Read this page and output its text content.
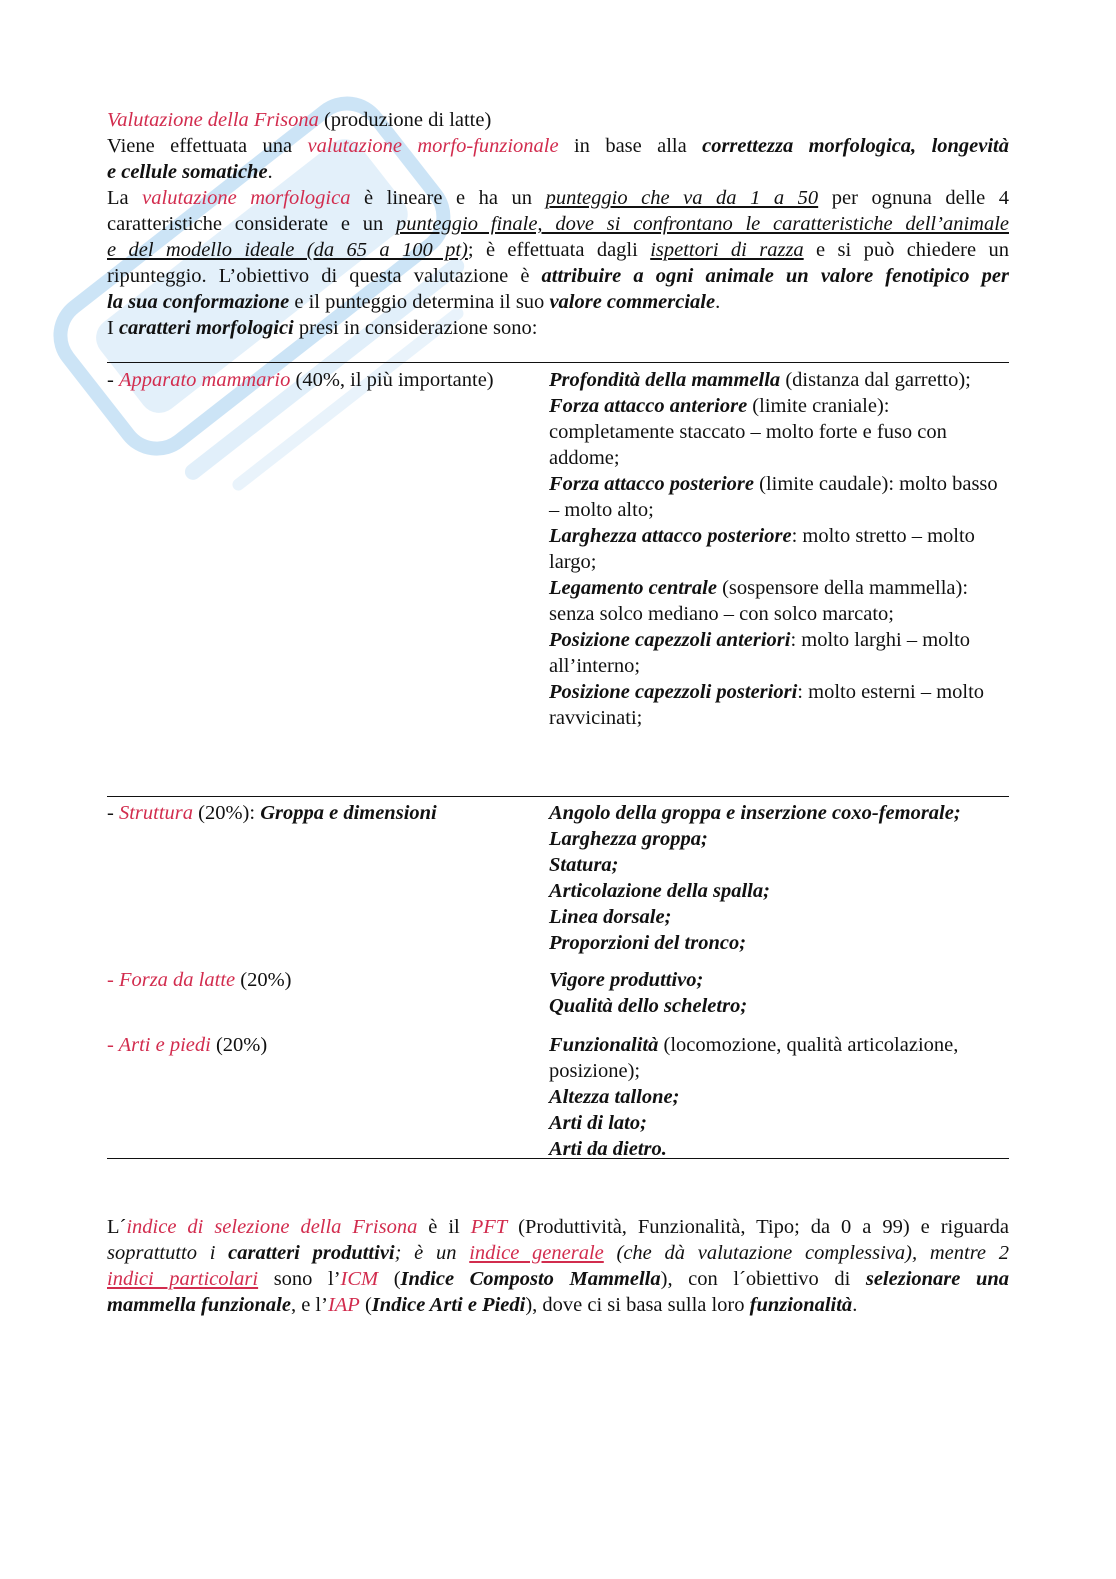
Valutazione della Frisona (produzione di latte)
Viene effettuata una valutazione morfo-funzionale in base alla correttezza morfologica, longevità
e cellule somatiche.
La valutazione morfologica è lineare e ha un punteggio che va da 1 a 50 per ognuna delle 4
caratteristiche considerate e un punteggio finale, dove si confrontano le caratteristiche dell’animale
e del modello ideale (da 65 a 100 pt); è effettuata dagli ispettori di razza e si può chiedere un
ripunteggio. L’obiettivo di questa valutazione è attribuire a ogni animale un valore fenotipico per
la sua conformazione e il punteggio determina il suo valore commerciale.
I caratteri morfologici presi in considerazione sono:
- Apparato mammario (40%, il più importante)	Profondità della mammella (distanza dal garretto);
Forza attacco anteriore (limite craniale): completamente staccato – molto forte e fuso con addome;
Forza attacco posteriore (limite caudale): molto basso – molto alto;
Larghezza attacco posteriore: molto stretto – molto largo;
Legamento centrale (sospensore della mammella): senza solco mediano – con solco marcato;
Posizione capezzoli anteriori: molto larghi – molto all’interno;
Posizione capezzoli posteriori: molto esterni – molto ravvicinati;
- Struttura (20%): Groppa e dimensioni	Angolo della groppa e inserzione coxo-femorale;
Larghezza groppa;
Statura;
Articolazione della spalla;
Linea dorsale;
Proporzioni del tronco;
- Forza da latte (20%)	Vigore produttivo;
Qualità dello scheletro;
- Arti e piedi (20%)	Funzionalità (locomozione, qualità articolazione, posizione);
Altezza tallone;
Arti di lato;
Arti da dietro.
L´indice di selezione della Frisona è il PFT (Produttività, Funzionalità, Tipo; da 0 a 99) e riguarda
soprattutto i caratteri produttivi; è un indice generale (che dà valutazione complessiva), mentre 2
indici particolari sono l’ICM (Indice Composto Mammella), con l´obiettivo di selezionare una
mammella funzionale, e l’IAP (Indice Arti e Piedi), dove ci si basa sulla loro funzionalità.
